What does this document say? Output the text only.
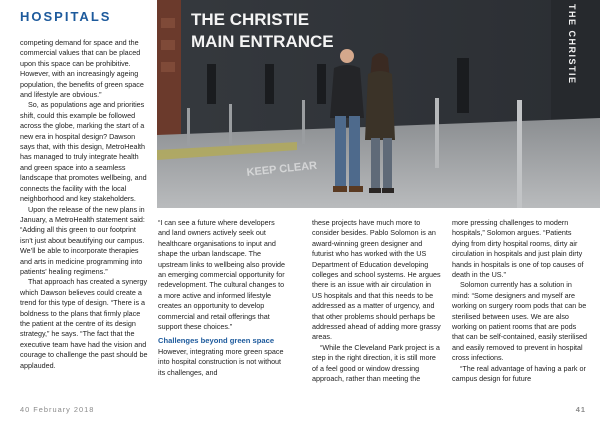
HOSPITALS

competing demand for space and the commercial values that can be placed upon this space can be prohibitive. However, with an increasingly ageing population, the benefits of green space and lifestyle are obvious.”

So, as populations age and priorities shift, could this example be followed across the globe, marking the start of a new era in hospital design? Dawson says that, with this design, MetroHealth has managed to truly integrate health and green space into a seamless landscape that promotes wellbeing, and connects the facility with the local neighborhood and key stakeholders.

Upon the release of the new plans in January, a MetroHealth statement said: “Adding all this green to our footprint isn’t just about beautifying our campus. We’ll be able to incorporate therapies and arts in medicine programming into patients’ healing regimens.”

That approach has created a synergy which Dawson believes could create a trend for this type of design. “There is a boldness to the plans that firmly place the patient at the centre of its design strategy,” he says. “The fact that the executive team have had the vision and courage to challenge the past should be applauded.

KEEP CLEAR
THE CHRISTIE
MAIN ENTRANCE	THE CHRISTIE

“I can see a future where developers and land owners actively seek out healthcare organisations to input and shape the urban landscape. The upstream links to wellbeing also provide an emerging commercial opportunity for redevelopment. The cultural changes to a more active and informed lifestyle creates an opportunity to develop commercial and retail offerings that support these choices.”

Challenges beyond green space

However, integrating more green space into hospital construction is not without its challenges, and

these projects have much more to consider besides. Pablo Solomon is an award-winning green designer and futurist who has worked with the US Department of Education developing colleges and school systems. He argues there is an issue with air circulation in US hospitals and that this needs to be addressed as a matter of urgency, and that other problems should perhaps be addressed ahead of adding more grassy areas.

“While the Cleveland Park project is a step in the right direction, it is still more of a feel good or window dressing approach, rather than meeting the

more pressing challenges to modern hospitals,” Solomon argues. “Patients dying from dirty hospital rooms, dirty air circulation in hospitals and just plain dirty hands in hospitals is one of top causes of death in the US.”

Solomon currently has a solution in mind: “Some designers and myself are working on surgery room pods that can be sterilised between uses. We are also working on patient rooms that are pods that can be self-contained, easily sterilised and easily removed to prevent in hospital cross infections.

“The real advantage of having a park or campus design for future

40 February 2018	41
